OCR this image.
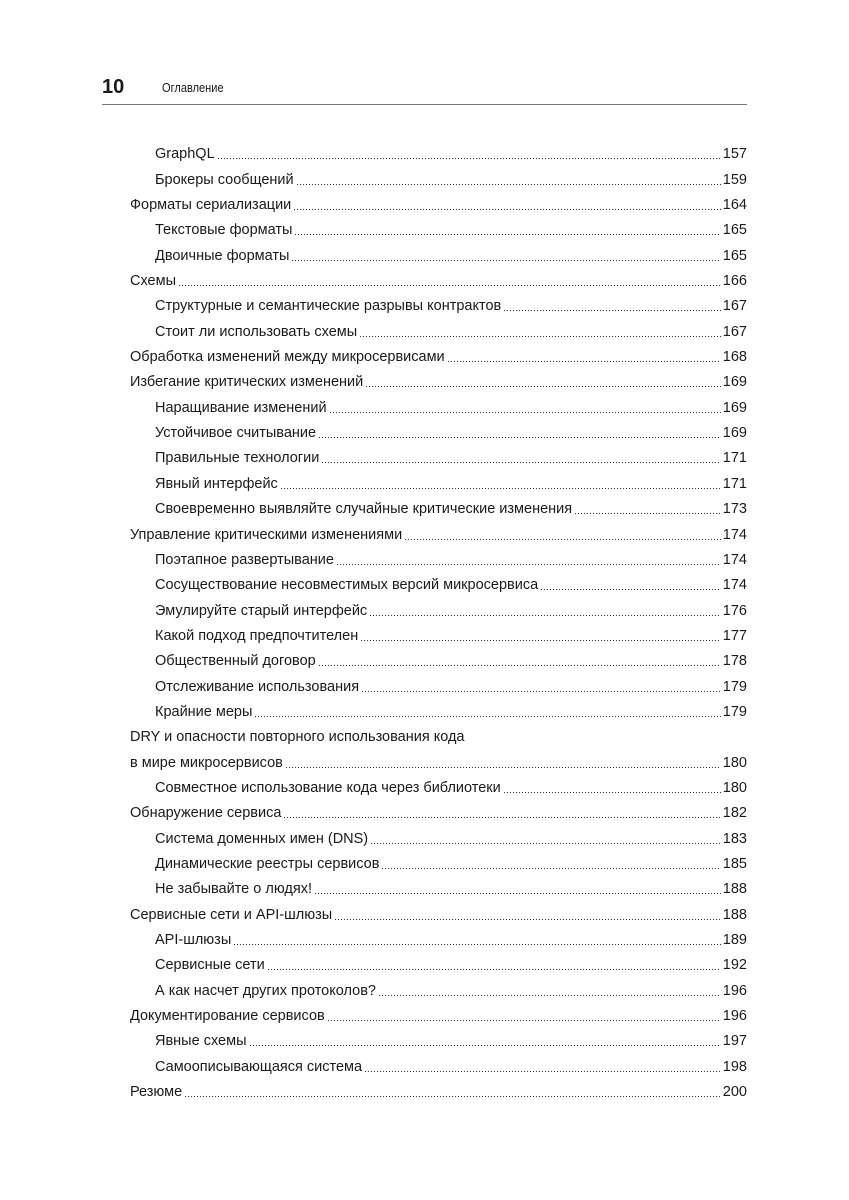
10	Оглавление
GraphQL	157
Брокеры сообщений	159
Форматы сериализации	164
Текстовые форматы	165
Двоичные форматы	165
Схемы	166
Структурные и семантические разрывы контрактов	167
Стоит ли использовать схемы	167
Обработка изменений между микросервисами	168
Избегание критических изменений	169
Наращивание изменений	169
Устойчивое считывание	169
Правильные технологии	171
Явный интерфейс	171
Своевременно выявляйте случайные критические изменения	173
Управление критическими изменениями	174
Поэтапное развертывание	174
Сосуществование несовместимых версий микросервиса	174
Эмулируйте старый интерфейс	176
Какой подход предпочтителен	177
Общественный договор	178
Отслеживание использования	179
Крайние меры	179
DRY и опасности повторного использования кода
в мире микросервисов	180
Совместное использование кода через библиотеки	180
Обнаружение сервиса	182
Система доменных имен (DNS)	183
Динамические реестры сервисов	185
Не забывайте о людях!	188
Сервисные сети и API-шлюзы	188
API-шлюзы	189
Сервисные сети	192
А как насчет других протоколов?	196
Документирование сервисов	196
Явные схемы	197
Самоописывающаяся система	198
Резюме	200
